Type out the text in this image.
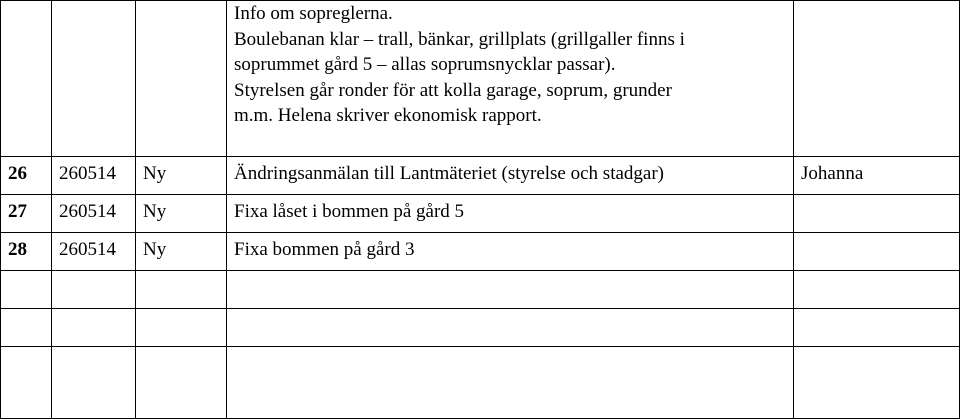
			Info om sopreglerna.
Boulebanan klar – trall, bänkar, grillplats (grillgaller finns i
soprummet gård 5 – allas soprumsnycklar passar).
Styrelsen går ronder för att kolla garage, soprum, grunder
m.m. Helena skriver ekonomisk rapport.	

26	260514	Ny	Ändringsanmälan till Lantmäteriet (styrelse och stadgar)	Johanna
27	260514	Ny	Fixa låset i bommen på gård 5	
28	260514	Ny	Fixa bommen på gård 3	
